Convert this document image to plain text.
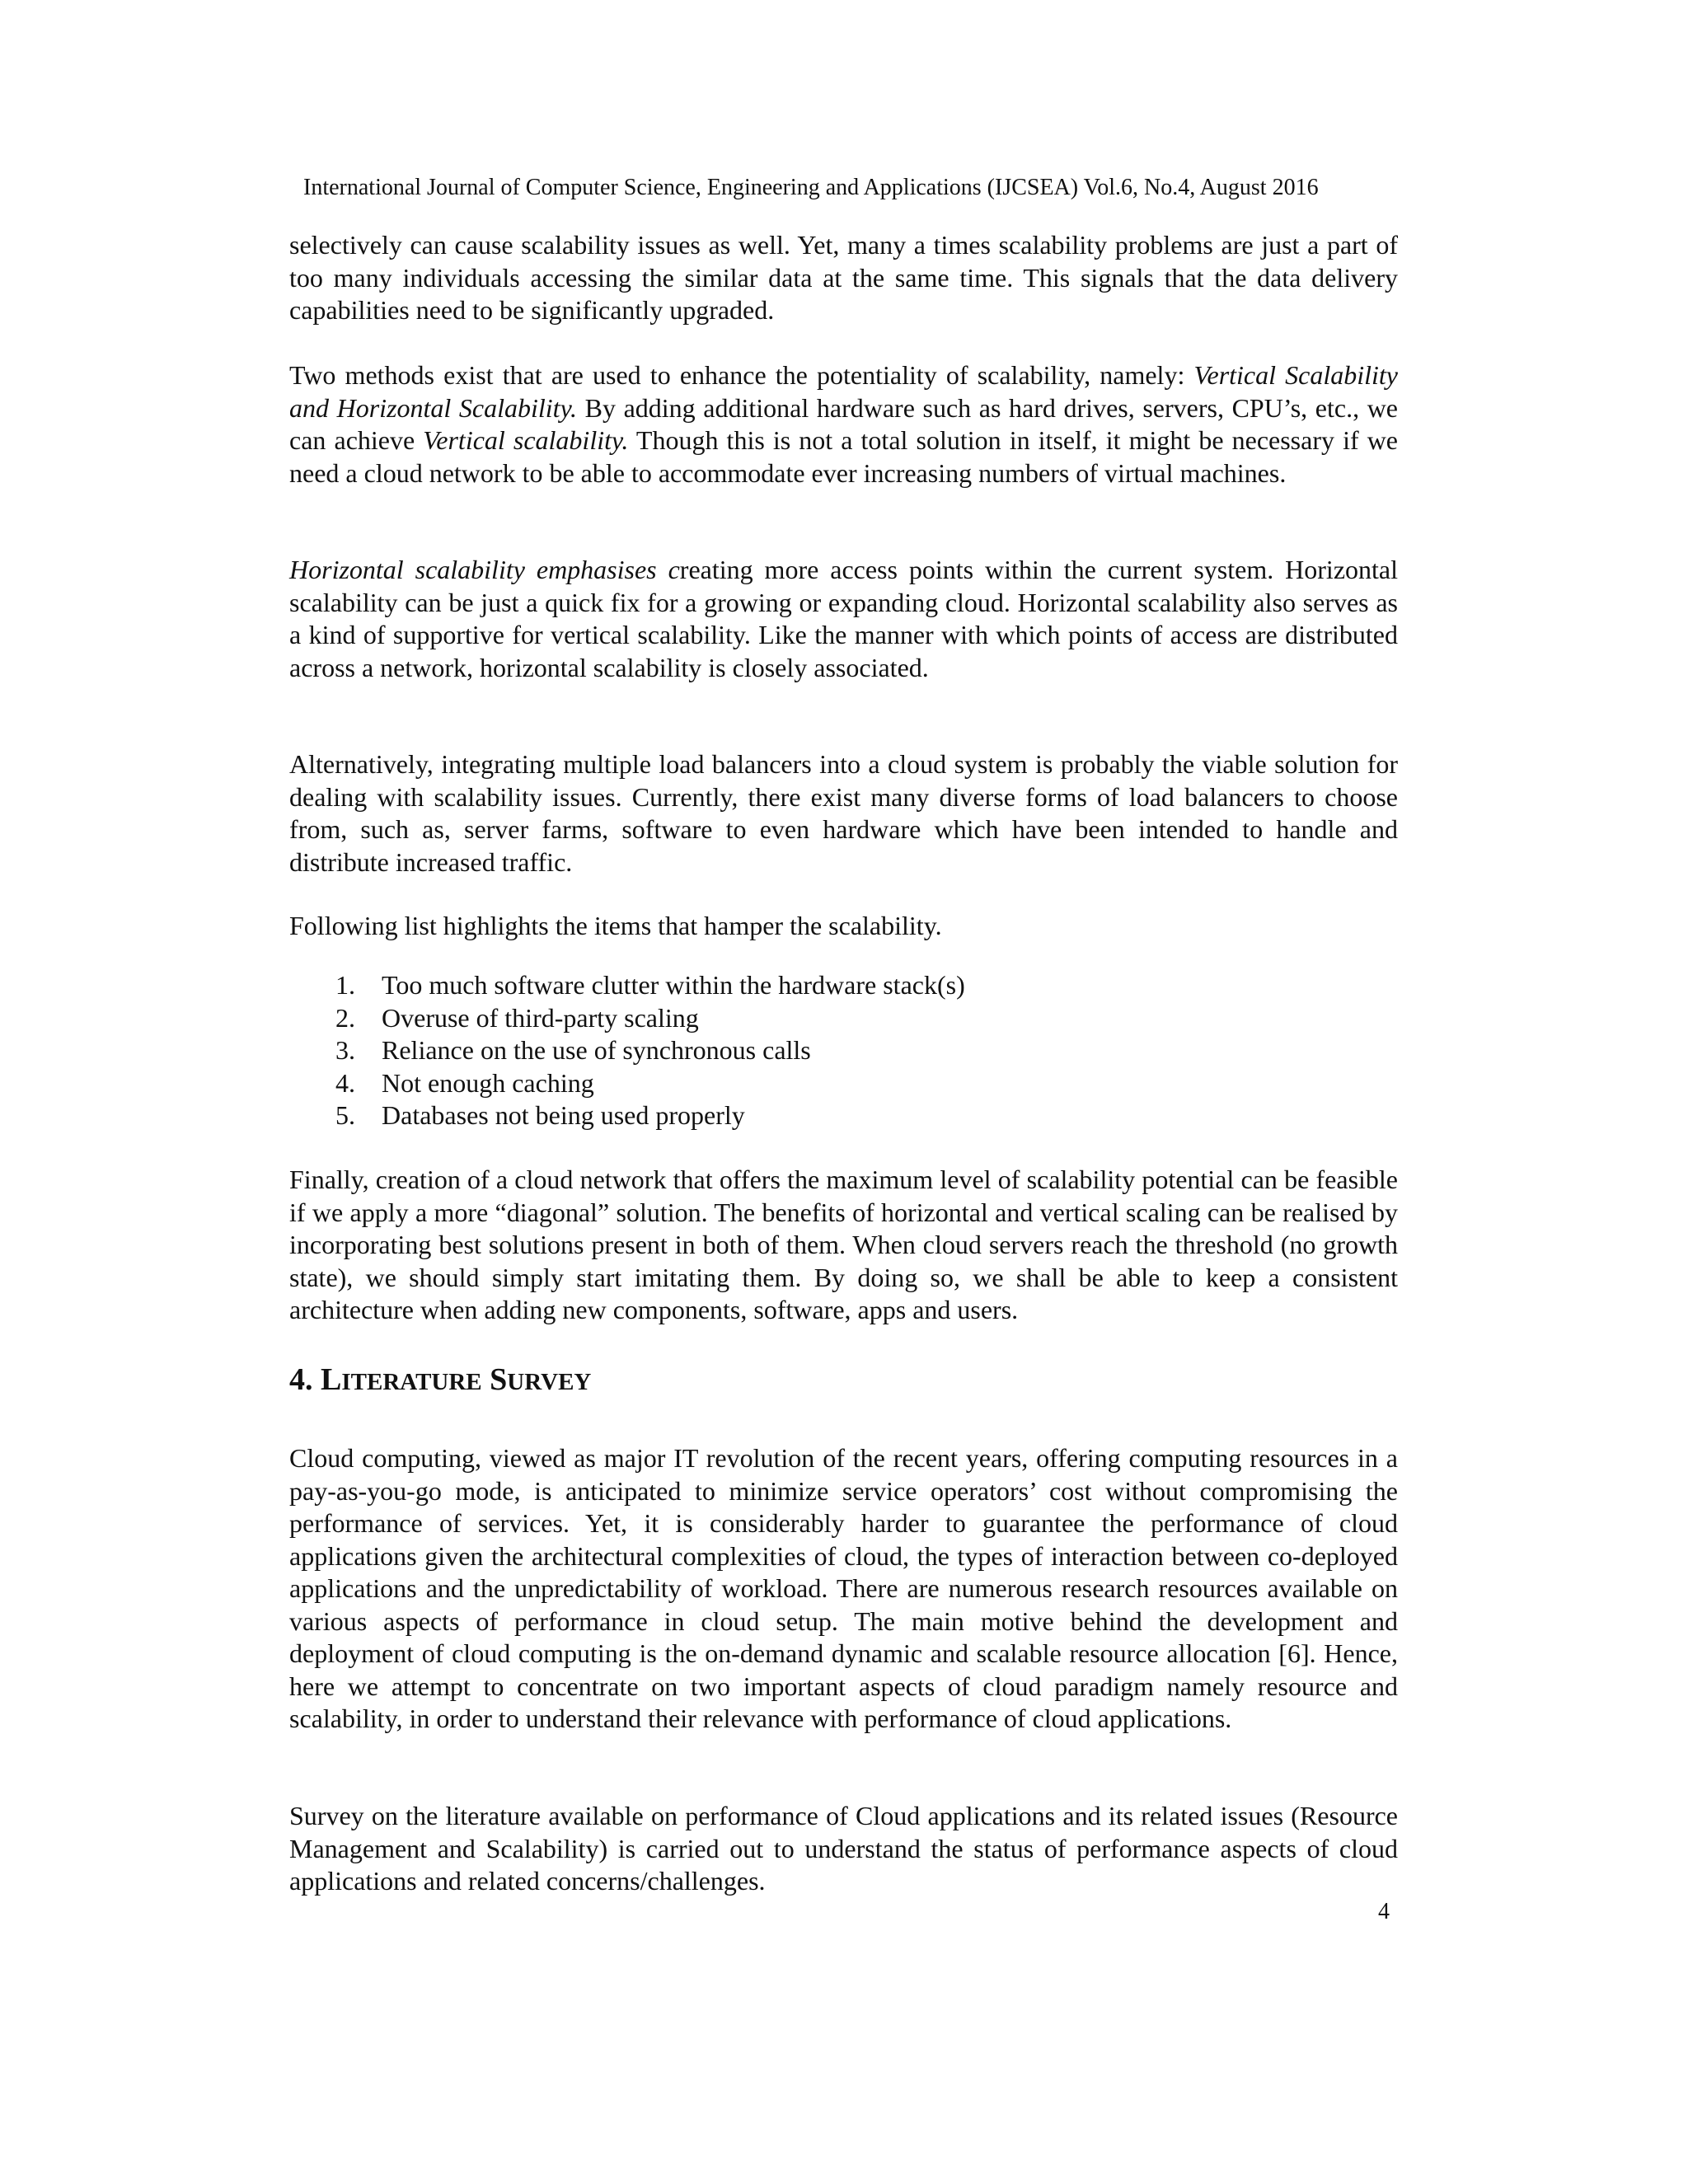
International Journal of Computer Science, Engineering and Applications (IJCSEA) Vol.6, No.4, August 2016

selectively can cause scalability issues as well. Yet, many a times scalability problems are just a part of too many individuals accessing the similar data at the same time. This signals that the data delivery capabilities need to be significantly upgraded.

Two methods exist that are used to enhance the potentiality of scalability, namely: Vertical Scalability and Horizontal Scalability. By adding additional hardware such as hard drives, servers, CPU’s, etc., we can achieve Vertical scalability. Though this is not a total solution in itself, it might be necessary if we need a cloud network to be able to accommodate ever increasing numbers of virtual machines.

Horizontal scalability emphasises creating more access points within the current system. Horizontal scalability can be just a quick fix for a growing or expanding cloud. Horizontal scalability also serves as a kind of supportive for vertical scalability. Like the manner with which points of access are distributed across a network, horizontal scalability is closely associated.

Alternatively, integrating multiple load balancers into a cloud system is probably the viable solution for dealing with scalability issues. Currently, there exist many diverse forms of load balancers to choose from, such as, server farms, software to even hardware which have been intended to handle and distribute increased traffic.

Following list highlights the items that hamper the scalability.

1. Too much software clutter within the hardware stack(s)
2. Overuse of third-party scaling
3. Reliance on the use of synchronous calls
4. Not enough caching
5. Databases not being used properly

Finally, creation of a cloud network that offers the maximum level of scalability potential can be feasible if we apply a more “diagonal” solution. The benefits of horizontal and vertical scaling can be realised by incorporating best solutions present in both of them. When cloud servers reach the threshold (no growth state), we should simply start imitating them. By doing so, we shall be able to keep a consistent architecture when adding new components, software, apps and users.

4. LITERATURE SURVEY

Cloud computing, viewed as major IT revolution of the recent years, offering computing resources in a pay-as-you-go mode, is anticipated to minimize service operators’ cost without compromising the performance of services. Yet, it is considerably harder to guarantee the performance of cloud applications given the architectural complexities of cloud, the types of interaction between co-deployed applications and the unpredictability of workload. There are numerous research resources available on various aspects of performance in cloud setup. The main motive behind the development and deployment of cloud computing is the on-demand dynamic and scalable resource allocation [6]. Hence, here we attempt to concentrate on two important aspects of cloud paradigm namely resource and scalability, in order to understand their relevance with performance of cloud applications.

Survey on the literature available on performance of Cloud applications and its related issues (Resource Management and Scalability) is carried out to understand the status of performance aspects of cloud applications and related concerns/challenges.

4
